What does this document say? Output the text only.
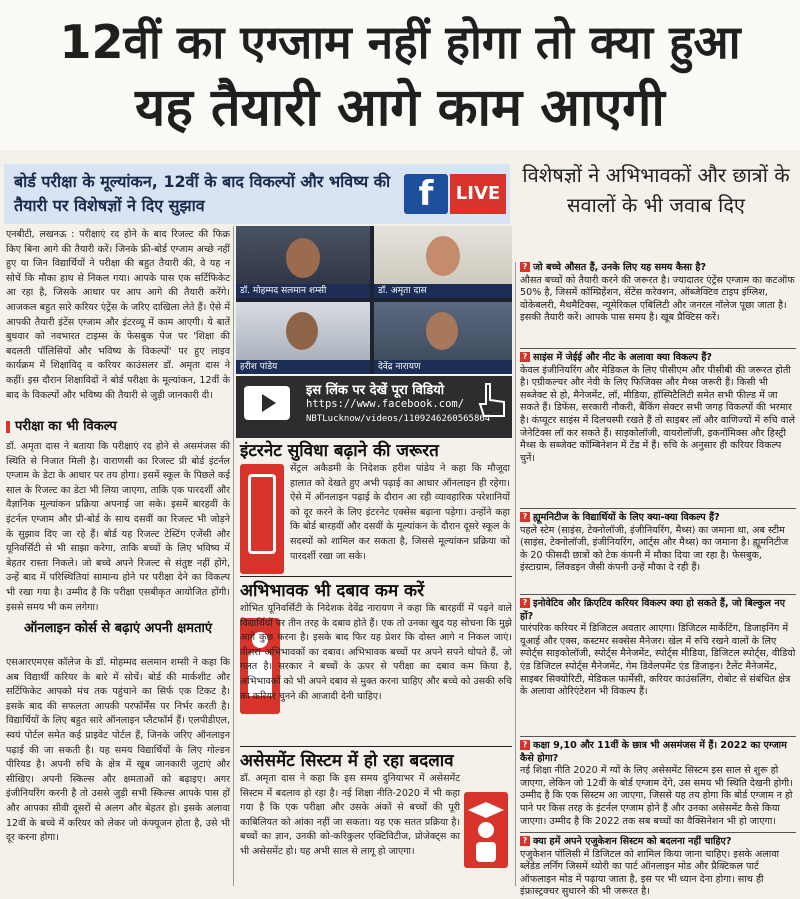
12वीं का एग्जाम नहीं होगा तो क्या हुआ
यह तैयारी आगे काम आएगी
बोर्ड परीक्षा के मूल्यांकन, 12वीं के बाद विकल्पों और भविष्य की तैयारी पर विशेषज्ञों ने दिए सुझाव	f	LIVE
विशेषज्ञों ने अभिभावकों और छात्रों के सवालों के भी जवाब दिए
एनबीटी, लखनऊ : परीक्षाएं रद होने के बाद रिजल्ट की फिक्र किए बिना आगे की तैयारी करें। जिनके फ्री-बोर्ड एग्जाम अच्छे नहीं हुए या जिन विद्यार्थियों ने परीक्षा की बहुत तैयारी की, वे यह न सोचें कि मौका हाथ से निकल गया। आपके पास एक सर्टिफिकेट आ रहा है, जिसके आधार पर आप आगे की तैयारी करेंगे। आजकल बहुत सारे करियर एंट्रेंस के जरिए दाखिला लेते हैं। ऐसे में आपकी तैयारी इंटेंस एग्जाम और इंटरव्यू में काम आएगी। ये बातें बुधवार को नवभारत टाइम्स के फेसबुक पेज पर 'शिक्षा की बदलती पॉलिसियों और भविष्य के विकल्पों' पर हुए लाइव कार्यक्रम में शिक्षाविद् व करियर काउंसलर डॉ. अमृता दास ने कहीं। इस दौरान शिक्षाविदों ने बोर्ड परीक्षा के मूल्यांकन, 12वीं के बाद के विकल्पों और भविष्य की तैयारी से जुड़ी जानकारी दी।
परीक्षा का भी विकल्प
डॉ. अमृता दास ने बताया कि परीक्षाएं रद होने से असमंजस की स्थिति से निजात मिली है। वाराणसी का रिजल्ट प्री बोर्ड इंटर्नल एग्जाम के डेटा के आधार पर तय होगा। इसमें स्कूल के पिछले कई साल के रिजल्ट का डेटा भी लिया जाएगा, ताकि एक पारदर्शी और वैज्ञानिक मूल्यांकन प्रक्रिया अपनाई जा सके। इसमें बारहवीं के इंटर्नल एग्जाम और प्री-बोर्ड के साथ दसवीं का रिजल्ट भी जोड़ने के सुझाव दिए जा रहे हैं। बोर्ड यह रिजल्ट टेस्टिंग एजेंसी और यूनिवर्सिटी से भी साझा करेगा, ताकि बच्चों के लिए भविष्य में बेहतर रास्ता निकले। जो बच्चे अपने रिजल्ट से संतुष्ट नहीं होंगे, उन्हें बाद में परिस्थितियां सामान्य होने पर परीक्षा देने का विकल्प भी रखा गया है। उम्मीद है कि परीक्षा एसबीकृत आयोजित होंगी। इससे समय भी कम लगेगा।
ऑनलाइन कोर्स से बढ़ाएं अपनी क्षमताएं
एसआरएमएस कॉलेज के डॉ. मोहम्मद सलमान शम्सी ने कहा कि अब विद्यार्थी करियर के बारे में सोचें। बोर्ड की मार्कशीट और सर्टिफिकेट आपको मंच तक पहुंचाने का सिर्फ एक टिकट है। इसके बाद की सफलता आपकी परफॉर्मेंस पर निर्भर करती है। विद्यार्थियों के लिए बहुत सारे ऑनलाइन प्लैटफॉर्म हैं। एलपीडीएल, स्वयं पोर्टल समेत कई प्राइवेट पोर्टल हैं, जिनके जरिए ऑनलाइन पढ़ाई की जा सकती है। यह समय विद्यार्थियों के लिए गोल्डन पीरियड है। अपनी रुचि के क्षेत्र में खूब जानकारी जुटाएं और सीखिए। अपनी स्किल्स और क्षमताओं को बढ़ाइए। अगर इंजीनियरिंग करनी है तो उससे जुड़ी सभी स्किल्स आपके पास हों और आपका सीवी दूसरों से अलग और बेहतर हो। इसके अलावा 12वीं के बच्चे में करियर को लेकर जो कंफ्यूजन होता है, उसे भी दूर करना होगा।
डॉ. मोहम्मद सलमान शम्सी	डॉ. अमृता दास
हरीश पांडेय	देवेंद्र नारायण
इस लिंक पर देखें पूरा विडियो
https://www.facebook.com/
NBTLucknow/videos/1109246260565864
इंटरनेट सुविधा बढ़ाने की जरूरत
सेंट्रल अकैडमी के निदेशक हरीश पांडेय ने कहा कि मौजूदा हालात को देखते हुए अभी पढ़ाई का आधार ऑनलाइन ही रहेगा। ऐसे में ऑनलाइन पढ़ाई के दौरान आ रही व्यावहारिक परेशानियों को दूर करने के लिए इंटरनेट एक्सेस बढ़ाना पड़ेगा। उन्होंने कहा कि बोर्ड बारहवीं और दसवीं के मूल्यांकन के दौरान दूसरे स्कूल के सदस्यों को शामिल कर सकता है, जिससे मूल्यांकन प्रक्रिया को पारदर्शी रखा जा सके।
अभिभावक भी दबाव कम करें
शोभित यूनिवर्सिटी के निदेशक देवेंद्र नारायण ने कहा कि बारहवीं में पढ़ने वाले विद्यार्थियों पर तीन तरह के दबाव होते हैं। एक तो उनका खुद यह सोचना कि मुझे आगे कुछ करना है। इसके बाद फिर यह प्रेशर कि दोस्त आगे न निकल जाएं। तीसरा अभिभावकों का दबाव। अभिभावक बच्चों पर अपने सपने थोपते हैं, जो गलत है। सरकार ने बच्चों के ऊपर से परीक्षा का दबाव कम किया है, अभिभावकों को भी अपने दबाव से मुक्त करना चाहिए और बच्चे को उसकी रुचि का करियर चुनने की आजादी देनी चाहिए।
असेसमेंट सिस्टम में हो रहा बदलाव
डॉ. अमृता दास ने कहा कि इस समय दुनियाभर में असेसमेंट सिस्टम में बदलाव हो रहा है। नई शिक्षा नीति-2020 में भी कहा गया है कि एक परीक्षा और उसके अंकों से बच्चों की पूरी काबिलियत को आंका नहीं जा सकता। यह एक सतत प्रक्रिया है। बच्चों का ज्ञान, उनकी को-करिकुलर एक्टिविटीज, प्रोजेक्ट्स का भी असेसमेंट हो। यह अभी साल से लागू हो जाएगा।
? जो बच्चे औसत हैं, उनके लिए यह समय कैसा है?
औसत बच्चों को तैयारी करने की जरूरत है। ज्यादातर एंट्रेंस एग्जाम का कटऑफ 50% है, जिसमें कॉम्प्रिहेंशन, सेंटेंस करेक्शन, ऑब्जेक्टिव टाइप इंग्लिश, वोकेबलरी, मैथमैटिक्स, न्यूमेरिकल एबिलिटी और जनरल नॉलेज पूछा जाता है। इसकी तैयारी करें। आपके पास समय है। खूब प्रैक्टिस करें।
? साइंस में जेईई और नीट के अलावा क्या विकल्प हैं?
केवल इंजीनियरिंग और मेडिकल के लिए पीसीएम और पीसीबी की जरूरत होती है। एग्रीकल्चर और नेवी के लिए फिजिक्स और मैथ्स जरूरी हैं। किसी भी सब्जेक्ट से हो, मैनेजमेंट, लॉ, मीडिया, हॉस्पिटैलिटी समेत सभी फील्ड में जा सकते हैं। डिफेंस, सरकारी नौकरी, बैंकिंग सेक्टर सभी जगह विकल्पों की भरमार है। कंप्यूटर साइंस में दिलचस्पी रखते हैं तो साइबर लॉ और वाणिज्यों में रुचि वाले जेनेटिक्स लॉ कर सकते हैं। साइकोलॉजी, वायरोलॉजी, इकनॉमिक्स और हिस्ट्री मैथ्स के सब्जेक्ट कॉम्बिनेशन में टेंड में हैं। रुचि के अनुसार ही करियर विकल्प चुनें।
? ह्यूमनिटीज के विद्यार्थियों के लिए क्या-क्या विकल्प हैं?
पहले स्टेम (साइंस, टेक्नोलॉजी, इंजीनियरिंग, मैथ्स) का जमाना था, अब स्टीम (साइंस, टेक्नोलॉजी, इंजीनियरिंग, आर्ट्स और मैथ्स) का जमाना है। ह्यूमनिटीज के 20 फीसदी छात्रों को टेक कंपनी में मौका दिया जा रहा है। फेसबुक, इंस्टाग्राम, लिंक्डइन जैसी कंपनी उन्हें मौका दे रही हैं।
? इनोवेटिव और क्रिएटिव करियर विकल्प क्या हो सकते हैं, जो बिल्कुल नए हों?
पारंपरिक करियर में डिजिटल अवतार आएगा। डिजिटल मार्केटिंग, डिजाइनिंग में यूआई और एक्स, कस्टमर सक्सेस मैनेजर। खेल में रुचि रखने वालों के लिए स्पोर्ट्स साइकोलॉजी, स्पोर्ट्स मैनेजमेंट, स्पोर्ट्स मीडिया, डिजिटल स्पोर्ट्स, वीडियो एंड डिजिटल स्पोर्ट्स मैनेजमेंट, गेम डिवेलपमेंट एंड डिजाइन। टैलेंट मैनेजमेंट, साइबर सिक्योरिटी, मेडिकल फार्मेसी, करियर काउंसलिंग, रोबोट से संबंधित क्षेत्र के अलावा ओरिएंटेशन भी विकल्प हैं।
? कक्षा 9,10 और 11वीं के छात्र भी असमंजस में हैं। 2022 का एग्जाम कैसे होगा?
नई शिक्षा नीति 2020 में ग्यों के लिए असेसमेंट सिस्टम इस साल से शुरू हो जाएगा, लेकिन जो 12वीं के बोर्ड एग्जाम देंगे, उस समय भी स्थिति देखनी होगी। उम्मीद है कि एक सिस्टम आ जाएगा, जिससे यह तय होगा कि बोर्ड एग्जाम न हो पाने पर किस तरह के इंटर्नल एग्जाम होने हैं और उनका असेसमेंट कैसे किया जाएगा। उम्मीद है कि 2022 तक सब बच्चों का वैक्सिनेशन भी हो जाएगा।
? क्या हमें अपने एजुकेशन सिस्टम को बदलना नहीं चाहिए?
एजुकेशन पॉलिसी में डिजिटल को शामिल किया जाना चाहिए। इसके अलावा ब्लेंडेड लर्निंग जिसमें थ्योरी का पार्ट ऑनलाइन मोड और प्रैक्टिकल पार्ट ऑफलाइन मोड में पढ़ाया जाता है, इस पर भी ध्यान देना होगा। साथ ही इंफ्रास्ट्रक्चर सुधारने की भी जरूरत है।
